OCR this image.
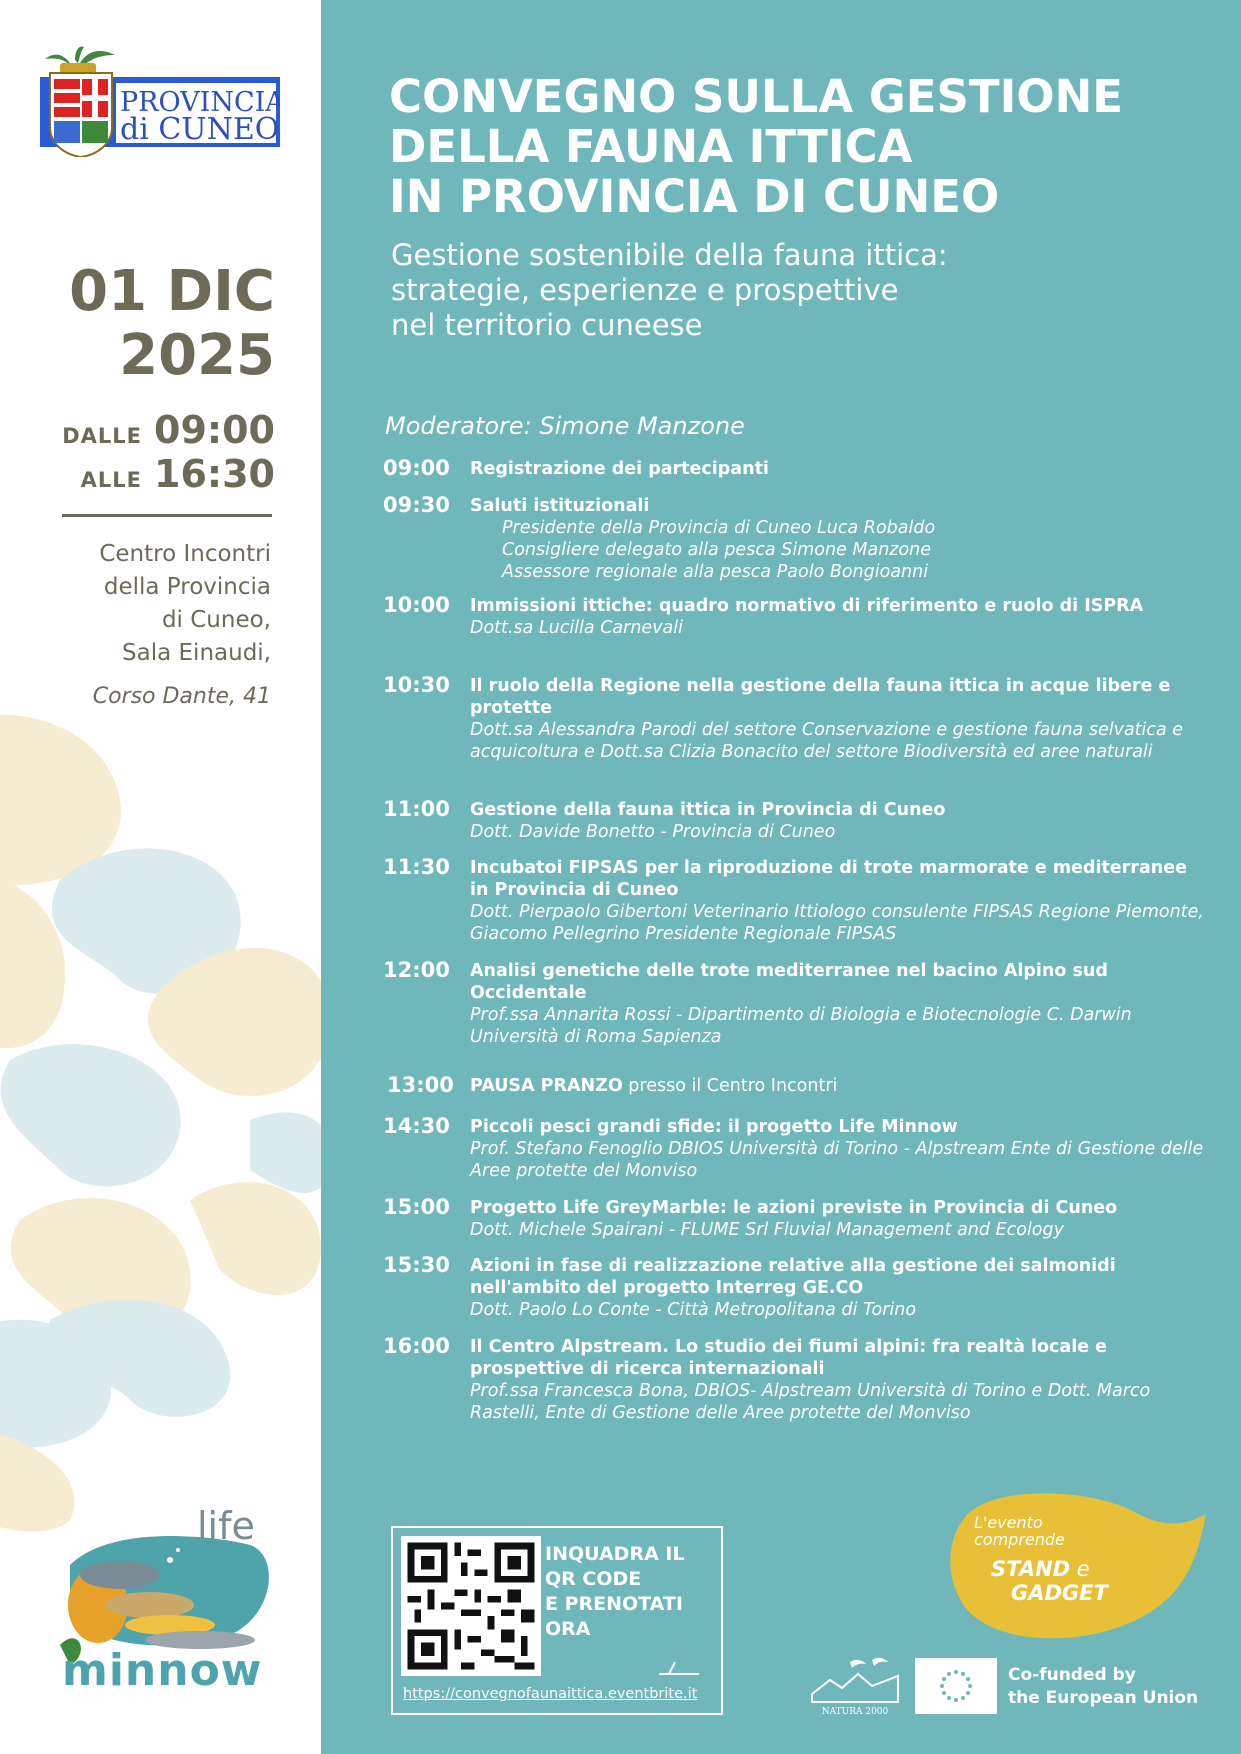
PROVINCIA
di CUNEO
01 DIC
2025
DALLE 09:00
ALLE 16:30
Centro Incontri
della Provincia
di Cuneo,
Sala Einaudi,
Corso Dante, 41
life
minnow
CONVEGNO SULLA GESTIONE
DELLA FAUNA ITTICA
IN PROVINCIA DI CUNEO
Gestione sostenibile della fauna ittica:
strategie, esperienze e prospettive
nel territorio cuneese
Moderatore: Simone Manzone
09:00 Registrazione dei partecipanti
09:30 Saluti istituzionali
Presidente della Provincia di Cuneo Luca Robaldo
Consigliere delegato alla pesca Simone Manzone
Assessore regionale alla pesca Paolo Bongioanni
10:00 Immissioni ittiche: quadro normativo di riferimento e ruolo di ISPRA
Dott.sa Lucilla Carnevali
10:30 Il ruolo della Regione nella gestione della fauna ittica in acque libere e protette
Dott.sa Alessandra Parodi del settore Conservazione e gestione fauna selvatica e acquicoltura e Dott.sa Clizia Bonacito del settore Biodiversità ed aree naturali
11:00 Gestione della fauna ittica in Provincia di Cuneo
Dott. Davide Bonetto - Provincia di Cuneo
11:30 Incubatoi FIPSAS per la riproduzione di trote marmorate e mediterranee in Provincia di Cuneo
Dott. Pierpaolo Gibertoni Veterinario Ittiologo consulente FIPSAS Regione Piemonte, Giacomo Pellegrino Presidente Regionale FIPSAS
12:00 Analisi genetiche delle trote mediterranee nel bacino Alpino sud Occidentale
Prof.ssa Annarita Rossi - Dipartimento di Biologia e Biotecnologie C. Darwin Università di Roma Sapienza
13:00 PAUSA PRANZO presso il Centro Incontri
14:30 Piccoli pesci grandi sfide: il progetto Life Minnow
Prof. Stefano Fenoglio DBIOS Università di Torino - Alpstream Ente di Gestione delle Aree protette del Monviso
15:00 Progetto Life GreyMarble: le azioni previste in Provincia di Cuneo
Dott. Michele Spairani - FLUME Srl Fluvial Management and Ecology
15:30 Azioni in fase di realizzazione relative alla gestione dei salmonidi nell'ambito del progetto Interreg GE.CO
Dott. Paolo Lo Conte - Città Metropolitana di Torino
16:00 Il Centro Alpstream. Lo studio dei fiumi alpini: fra realtà locale e prospettive di ricerca internazionali
Prof.ssa Francesca Bona, DBIOS- Alpstream Università di Torino e Dott. Marco Rastelli, Ente di Gestione delle Aree protette del Monviso
INQUADRA IL
QR CODE
E PRENOTATI
ORA
https://convegnofaunaittica.eventbrite.it
L'evento
comprende
STAND e
GADGET
NATURA 2000
Co-funded by
the European Union
